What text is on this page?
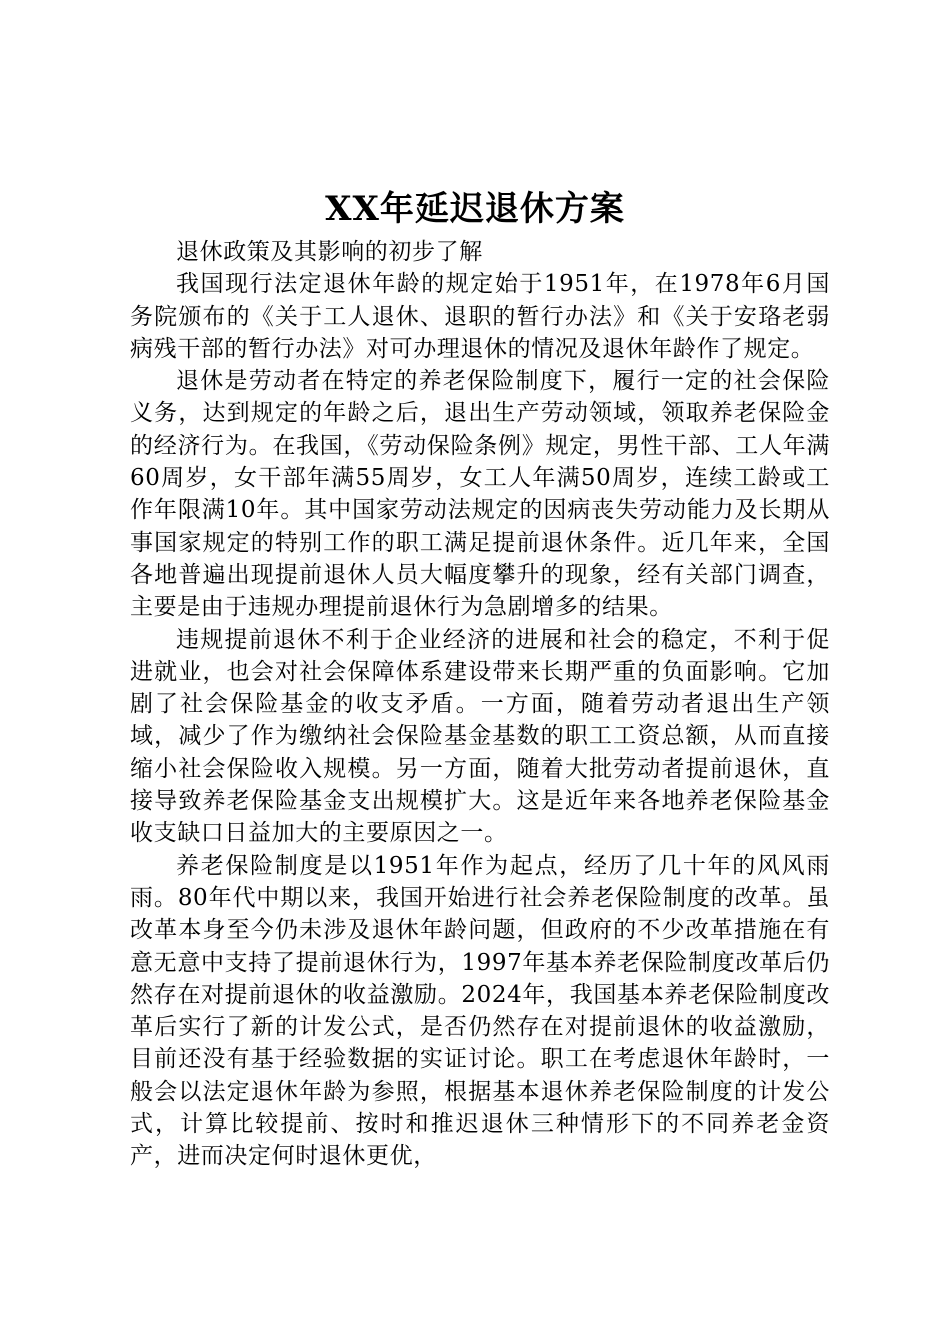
XX年延迟退休方案

退休政策及其影响的初步了解

我国现行法定退休年龄的规定始于1951年，在1978年6月国务院颁布的《关于工人退休、退职的暂行办法》和《关于安珞老弱病残干部的暂行办法》对可办理退休的情况及退休年龄作了规定。

退休是劳动者在特定的养老保险制度下，履行一定的社会保险义务，达到规定的年龄之后，退出生产劳动领域，领取养老保险金的经济行为。在我国，《劳动保险条例》规定，男性干部、工人年满60周岁，女干部年满55周岁，女工人年满50周岁，连续工龄或工作年限满10年。其中国家劳动法规定的因病丧失劳动能力及长期从事国家规定的特别工作的职工满足提前退休条件。近几年来，全国各地普遍出现提前退休人员大幅度攀升的现象，经有关部门调查，主要是由于违规办理提前退休行为急剧增多的结果。

违规提前退休不利于企业经济的进展和社会的稳定，不利于促进就业，也会对社会保障体系建设带来长期严重的负面影响。它加剧了社会保险基金的收支矛盾。一方面，随着劳动者退出生产领域，减少了作为缴纳社会保险基金基数的职工工资总额，从而直接缩小社会保险收入规模。另一方面，随着大批劳动者提前退休，直接导致养老保险基金支出规模扩大。这是近年来各地养老保险基金收支缺口日益加大的主要原因之一。

养老保险制度是以1951年作为起点，经历了几十年的风风雨雨。80年代中期以来，我国开始进行社会养老保险制度的改革。虽改革本身至今仍未涉及退休年龄问题，但政府的不少改革措施在有意无意中支持了提前退休行为，1997年基本养老保险制度改革后仍然存在对提前退休的收益激励。2024年，我国基本养老保险制度改革后实行了新的计发公式，是否仍然存在对提前退休的收益激励，目前还没有基于经验数据的实证讨论。职工在考虑退休年龄时，一般会以法定退休年龄为参照，根据基本退休养老保险制度的计发公式，计算比较提前、按时和推迟退休三种情形下的不同养老金资产，进而决定何时退休更优，
